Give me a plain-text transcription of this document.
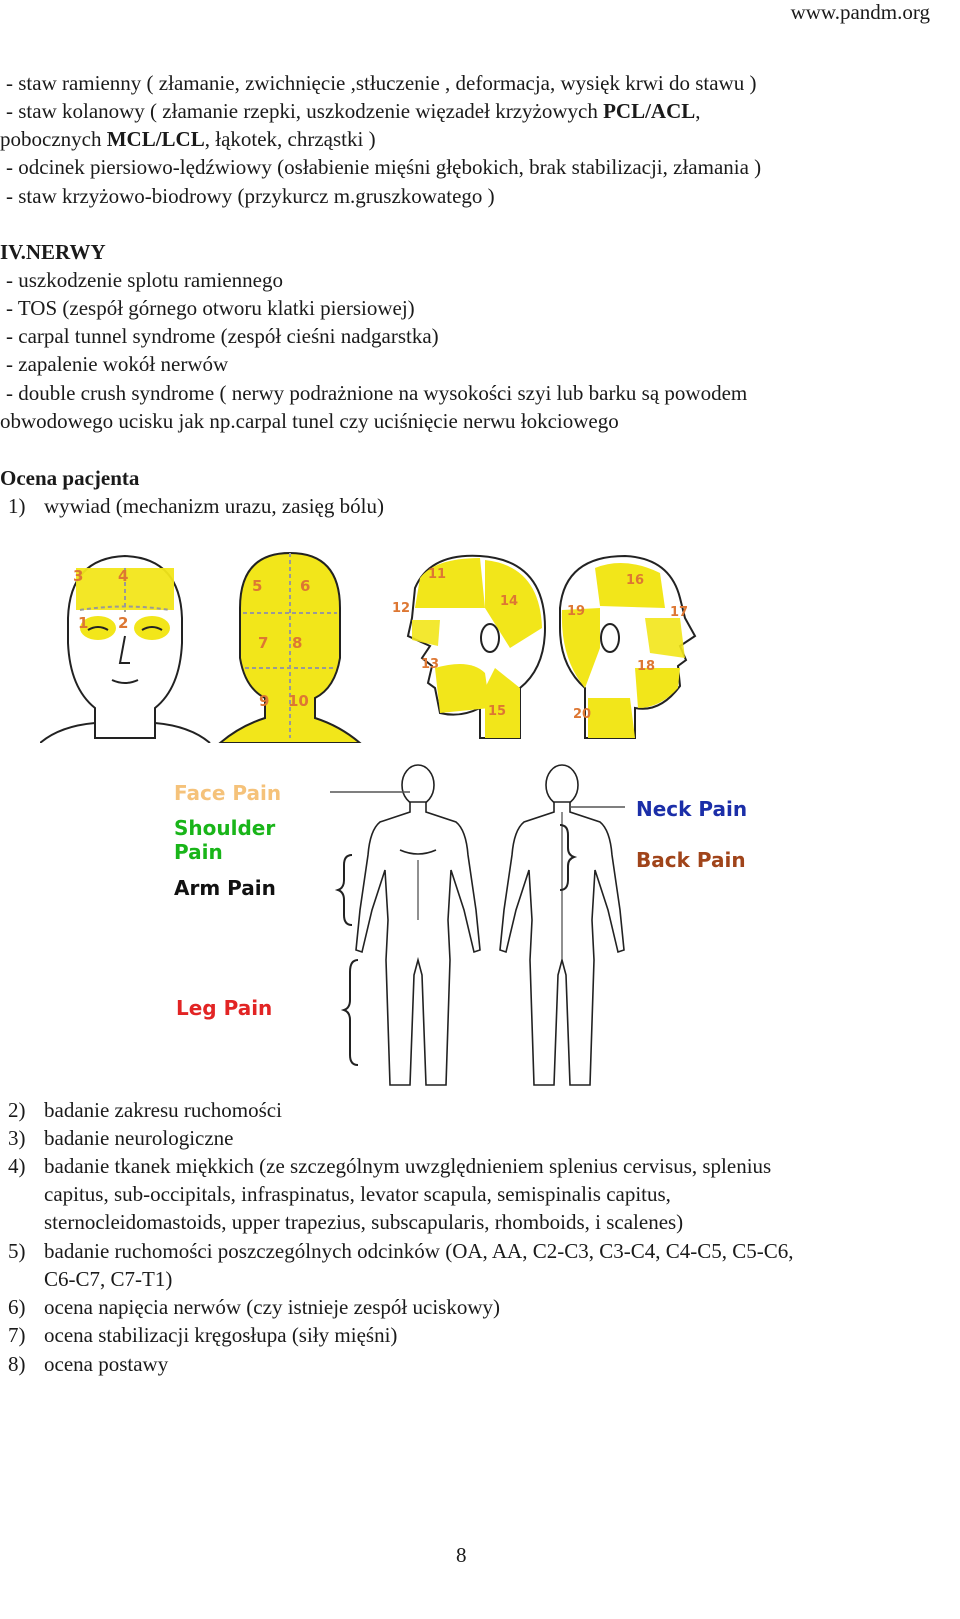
www.pandm.org
- staw ramienny ( złamanie, zwichnięcie ,stłuczenie , deformacja, wysięk krwi do stawu )
- staw kolanowy ( złamanie rzepki, uszkodzenie więzadeł krzyżowych PCL/ACL,
pobocznych MCL/LCL, łąkotek, chrząstki )
- odcinek piersiowo-lędźwiowy (osłabienie mięśni głębokich, brak stabilizacji, złamania )
- staw krzyżowo-biodrowy (przykurcz m.gruszkowatego )
IV.NERWY
- uszkodzenie splotu ramiennego
- TOS (zespół górnego otworu klatki piersiowej)
- carpal tunnel syndrome (zespół cieśni nadgarstka)
- zapalenie wokół nerwów
- double crush syndrome ( nerwy podrażnione na wysokości szyi lub barku są powodem
obwodowego ucisku jak np.carpal tunel czy uciśnięcie nerwu łokciowego
Ocena pacjenta
1) wywiad (mechanizm urazu, zasięg bólu)
3 4
1 2
5	6
7 8
9 10
11
12	14
13
15
16
17
19
18
20
Face Pain
Shoulder
Pain
Arm Pain
Leg Pain
Neck Pain
Back Pain
2) badanie zakresu ruchomości
3) badanie neurologiczne
4) badanie tkanek miękkich (ze szczególnym uwzględnieniem splenius cervisus, splenius
capitus, sub-occipitals, infraspinatus, levator scapula, semispinalis capitus,
sternocleidomastoids, upper trapezius, subscapularis, rhomboids, i scalenes)
5) badanie ruchomości poszczególnych odcinków (OA, AA, C2-C3, C3-C4, C4-C5, C5-C6,
C6-C7, C7-T1)
6) ocena napięcia nerwów (czy istnieje zespół uciskowy)
7) ocena stabilizacji kręgosłupa (siły mięśni)
8) ocena postawy
8
